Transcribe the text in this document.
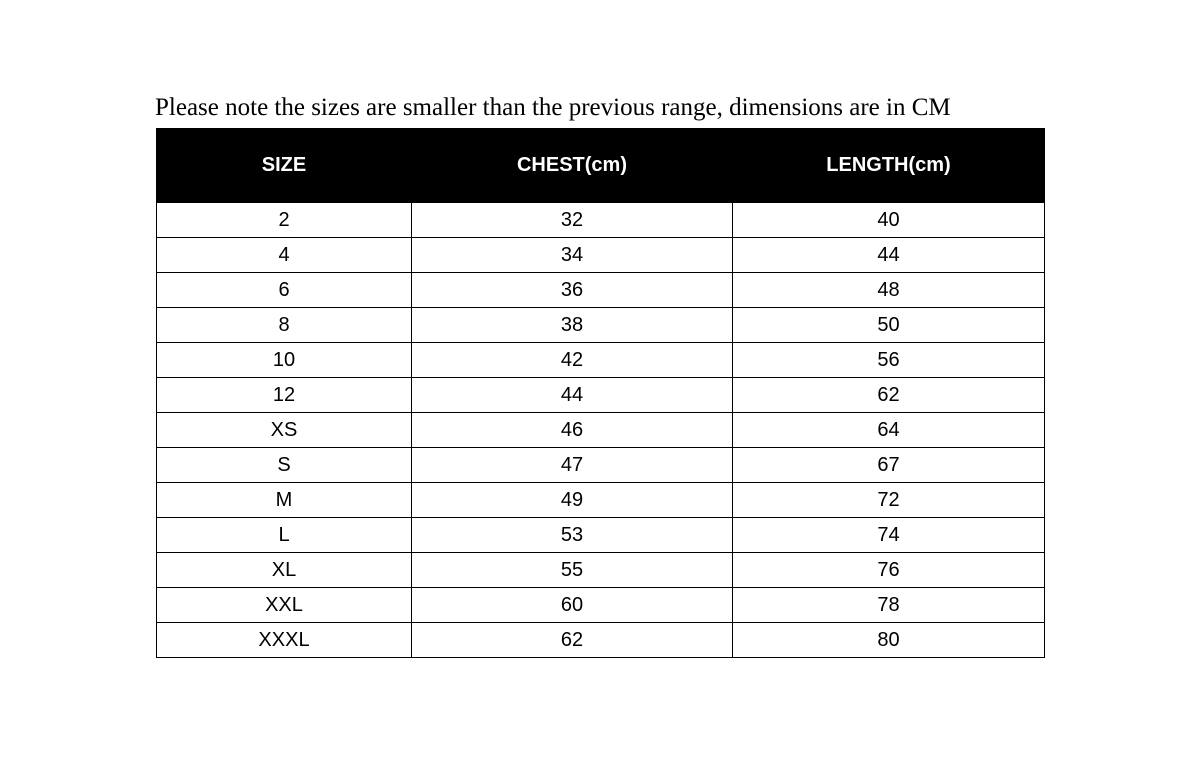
Please note the sizes are smaller than the previous range, dimensions are in CM
SIZE	CHEST(cm)	LENGTH(cm)
2	32	40
4	34	44
6	36	48
8	38	50
10	42	56
12	44	62
XS	46	64
S	47	67
M	49	72
L	53	74
XL	55	76
XXL	60	78
XXXL	62	80
